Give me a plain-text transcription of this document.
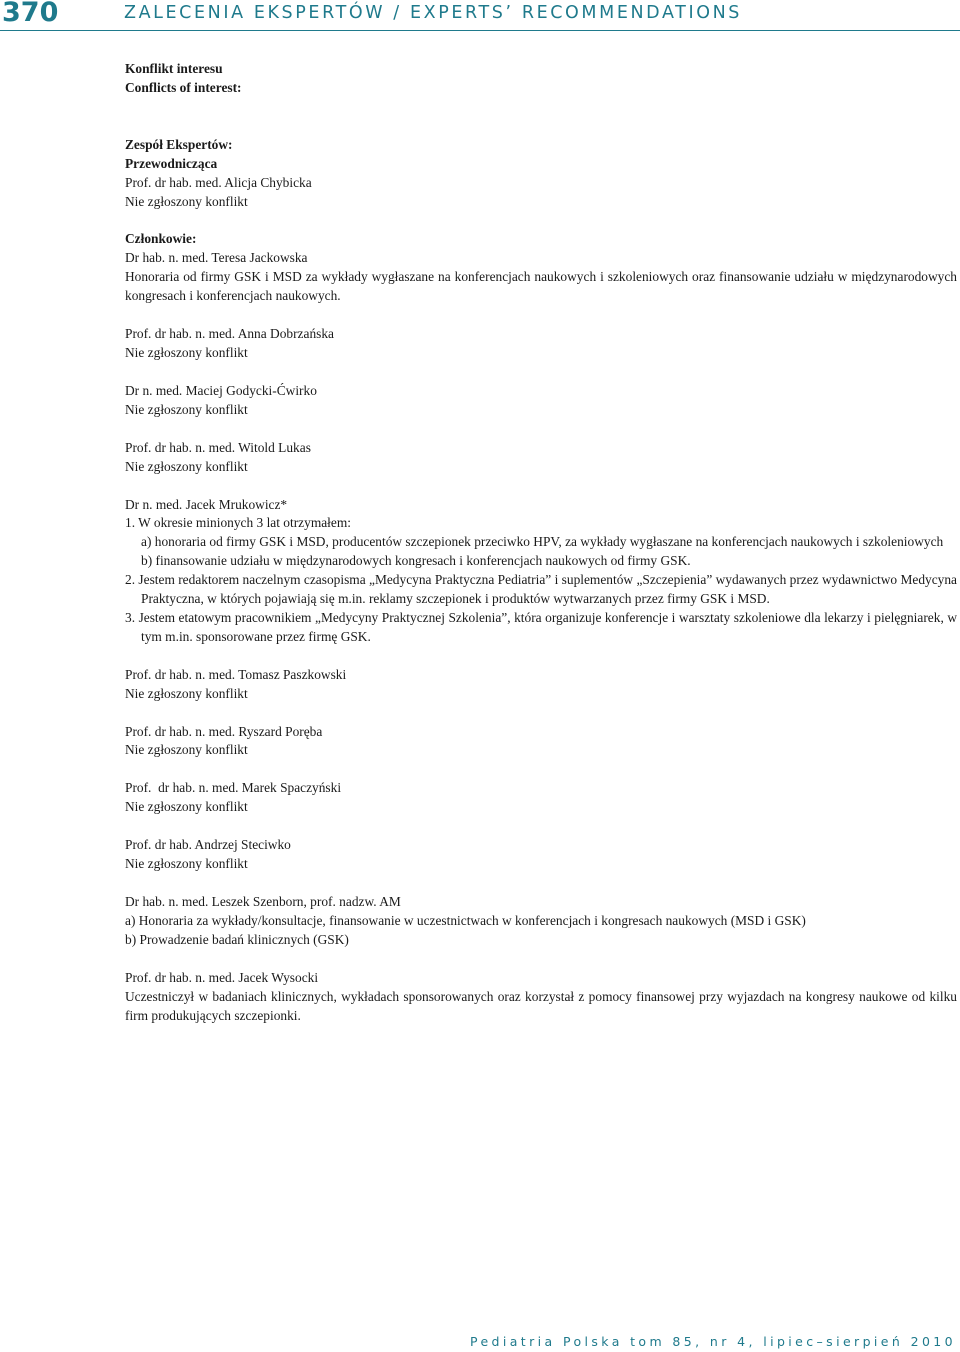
370	ZALECENIA EKSPERTÓW / EXPERTS’ RECOMMENDATIONS

Konflikt interesu

Conflicts of interest:

Zespół Ekspertów:

Przewodnicząca

Prof. dr hab. med. Alicja Chybicka

Nie zgłoszony konflikt

Członkowie:

Dr hab. n. med. Teresa Jackowska

Honoraria od firmy GSK i MSD za wykłady wygłaszane na konferencjach naukowych i szkoleniowych oraz finansowanie udziału w międzynarodowych kongresach i konferencjach naukowych.

Prof. dr hab. n. med. Anna Dobrzańska

Nie zgłoszony konflikt

Dr n. med. Maciej Godycki-Ćwirko

Nie zgłoszony konflikt

Prof. dr hab. n. med. Witold Lukas

Nie zgłoszony konflikt

Dr n. med. Jacek Mrukowicz*

1. W okresie minionych 3 lat otrzymałem:

a) honoraria od firmy GSK i MSD, producentów szczepionek przeciwko HPV, za wykłady wygłaszane na konferencjach naukowych i szkoleniowych

b) finansowanie udziału w międzynarodowych kongresach i konferencjach naukowych od firmy GSK.

2. Jestem redaktorem naczelnym czasopisma „Medycyna Praktyczna Pediatria” i suplementów „Szczepienia” wydawanych przez wydawnictwo Medycyna Praktyczna, w których pojawiają się m.in. reklamy szczepionek i produktów wytwarzanych przez firmy GSK i MSD.

3. Jestem etatowym pracownikiem „Medycyny Praktycznej Szkolenia”, która organizuje konferencje i warsztaty szkoleniowe dla lekarzy i pielęgniarek, w tym m.in. sponsorowane przez firmę GSK.

Prof. dr hab. n. med. Tomasz Paszkowski

Nie zgłoszony konflikt

Prof. dr hab. n. med. Ryszard Poręba

Nie zgłoszony konflikt

Prof.  dr hab. n. med. Marek Spaczyński

Nie zgłoszony konflikt

Prof. dr hab. Andrzej Steciwko

Nie zgłoszony konflikt

Dr hab. n. med. Leszek Szenborn, prof. nadzw. AM

a) Honoraria za wykłady/konsultacje, finansowanie w uczestnictwach w konferencjach i kongresach naukowych (MSD i GSK)

b) Prowadzenie badań klinicznych (GSK)

Prof. dr hab. n. med. Jacek Wysocki

Uczestniczył w badaniach klinicznych, wykładach sponsorowanych oraz korzystał z pomocy finansowej przy wyjazdach na kongresy naukowe od kilku firm produkujących szczepionki.

Pediatria Polska tom 85, nr 4, lipiec–sierpień 2010
